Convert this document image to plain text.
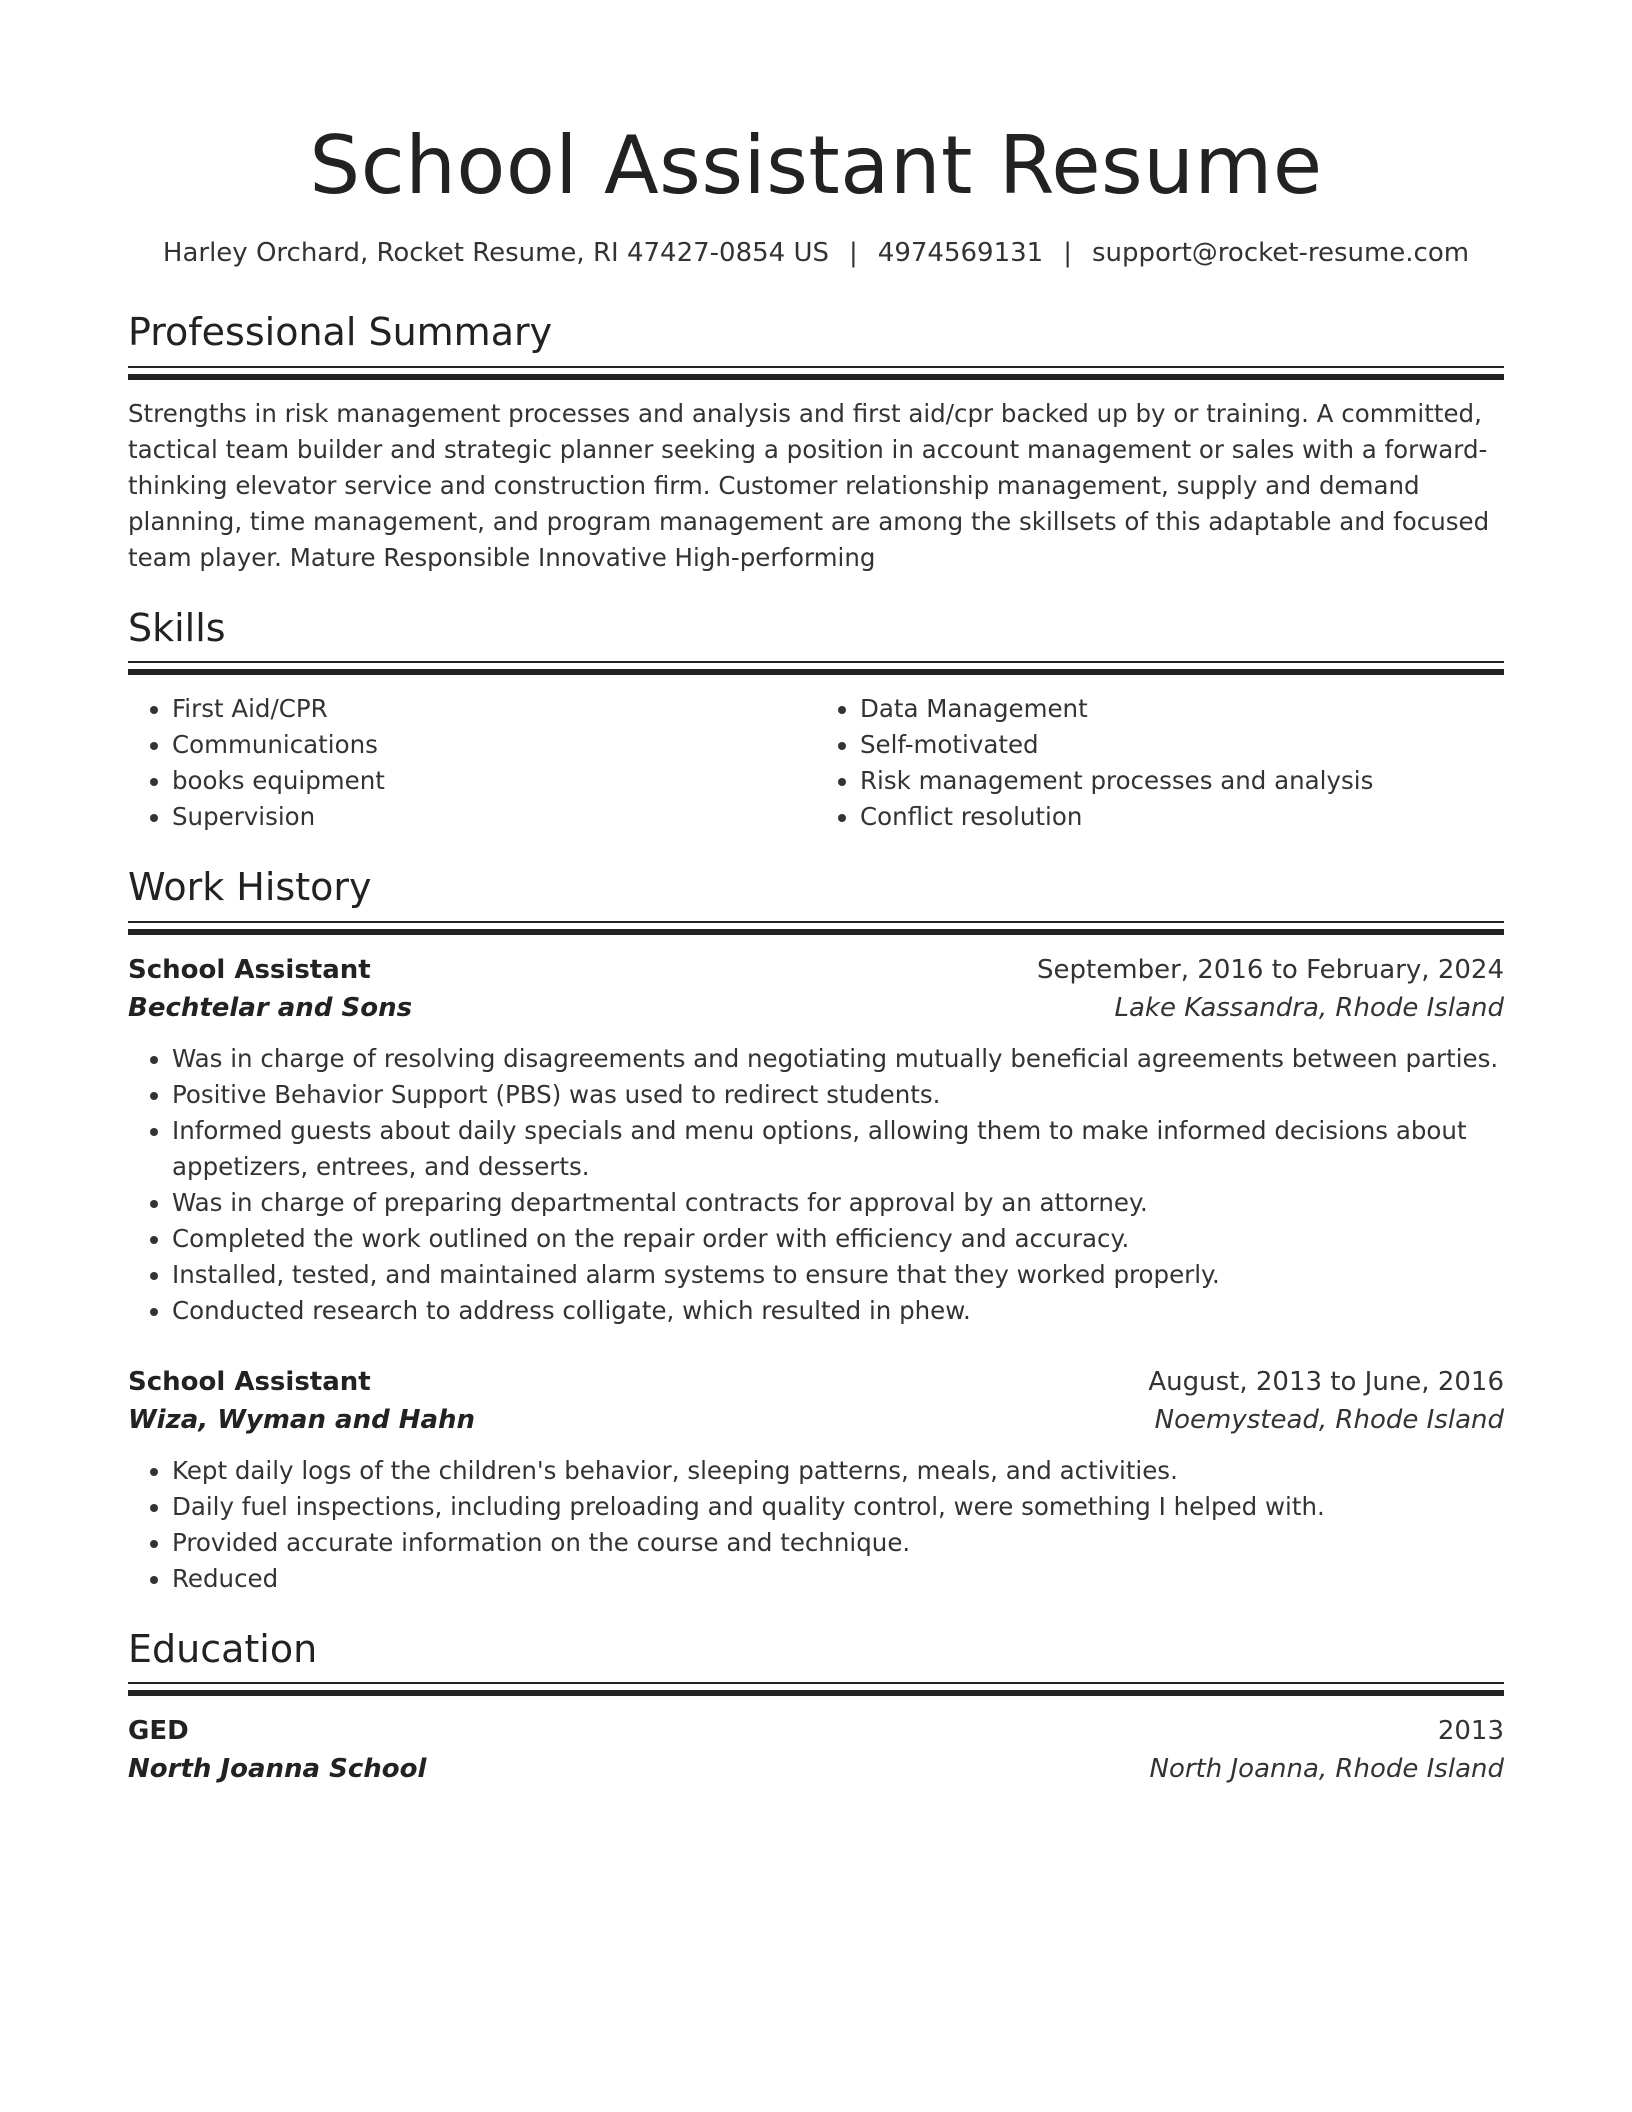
School Assistant Resume
Harley Orchard, Rocket Resume, RI 47427-0854 US | 4974569131 | support@rocket-resume.com
Professional Summary

Strengths in risk management processes and analysis and first aid/cpr backed up by or training. A committed, tactical team builder and strategic planner seeking a position in account management or sales with a forward-thinking elevator service and construction firm. Customer relationship management, supply and demand planning, time management, and program management are among the skillsets of this adaptable and focused team player. Mature Responsible Innovative High-performing

Skills
• First Aid/CPR
• Communications
• books equipment
• Supervision
• Data Management
• Self-motivated
• Risk management processes and analysis
• Conflict resolution
Work History
School Assistant	September, 2016 to February, 2024
Bechtelar and Sons	Lake Kassandra, Rhode Island
• Was in charge of resolving disagreements and negotiating mutually beneficial agreements between parties.
• Positive Behavior Support (PBS) was used to redirect students.
• Informed guests about daily specials and menu options, allowing them to make informed decisions about appetizers, entrees, and desserts.
• Was in charge of preparing departmental contracts for approval by an attorney.
• Completed the work outlined on the repair order with efficiency and accuracy.
• Installed, tested, and maintained alarm systems to ensure that they worked properly.
• Conducted research to address colligate, which resulted in phew.
School Assistant	August, 2013 to June, 2016
Wiza, Wyman and Hahn	Noemystead, Rhode Island
• Kept daily logs of the children's behavior, sleeping patterns, meals, and activities.
• Daily fuel inspections, including preloading and quality control, were something I helped with.
• Provided accurate information on the course and technique.
• Reduced
Education
GED	2013
North Joanna School	North Joanna, Rhode Island
